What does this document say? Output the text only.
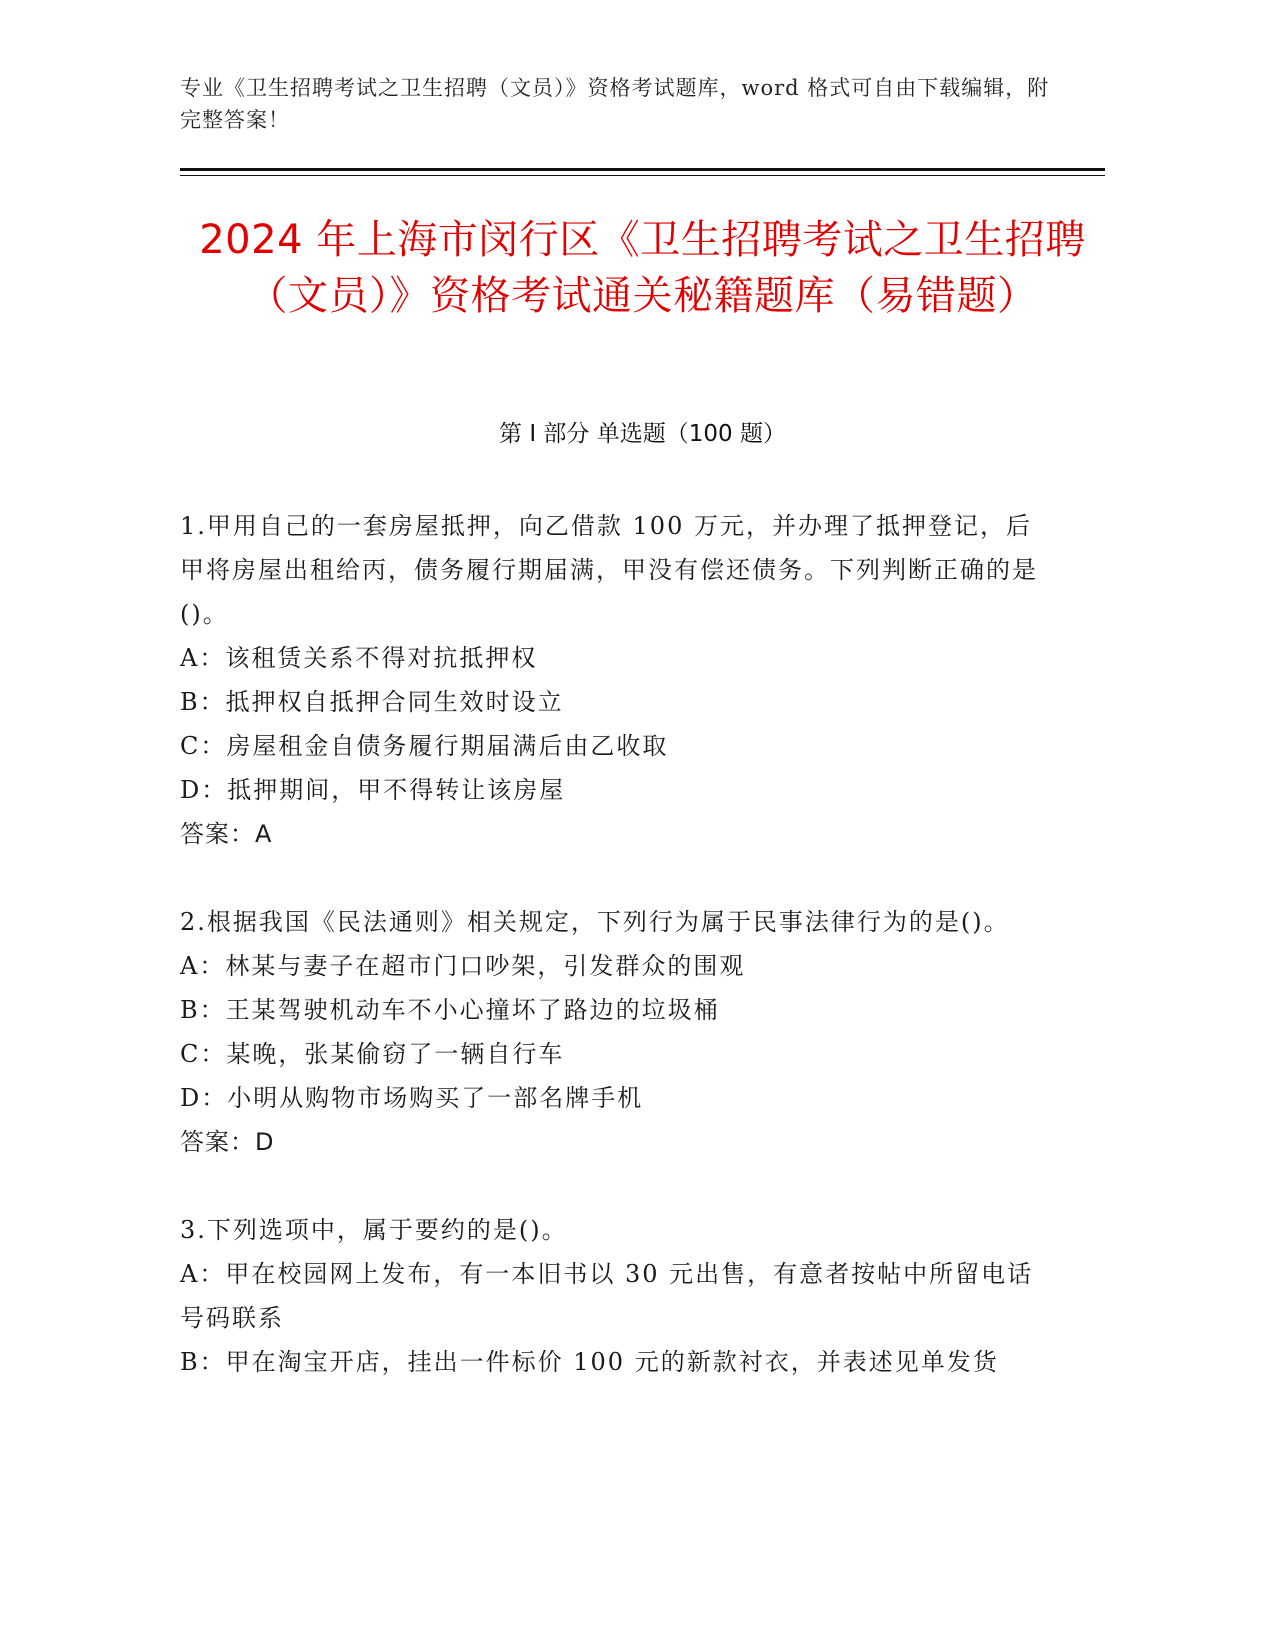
专业《卫生招聘考试之卫生招聘（文员）》资格考试题库，word 格式可自由下载编辑，附完整答案！
2024 年上海市闵行区《卫生招聘考试之卫生招聘（文员）》资格考试通关秘籍题库（易错题）
第 I 部分 单选题（100 题）

1.甲用自己的一套房屋抵押，向乙借款 100 万元，并办理了抵押登记，后甲将房屋出租给丙，债务履行期届满，甲没有偿还债务。下列判断正确的是()。

A：该租赁关系不得对抗抵押权

B：抵押权自抵押合同生效时设立

C：房屋租金自债务履行期届满后由乙收取

D：抵押期间，甲不得转让该房屋

答案：A

2.根据我国《民法通则》相关规定，下列行为属于民事法律行为的是()。

A：林某与妻子在超市门口吵架，引发群众的围观

B：王某驾驶机动车不小心撞坏了路边的垃圾桶

C：某晚，张某偷窃了一辆自行车

D：小明从购物市场购买了一部名牌手机

答案：D

3.下列选项中，属于要约的是()。

A：甲在校园网上发布，有一本旧书以 30 元出售，有意者按帖中所留电话号码联系

B：甲在淘宝开店，挂出一件标价 100 元的新款衬衣，并表述见单发货
